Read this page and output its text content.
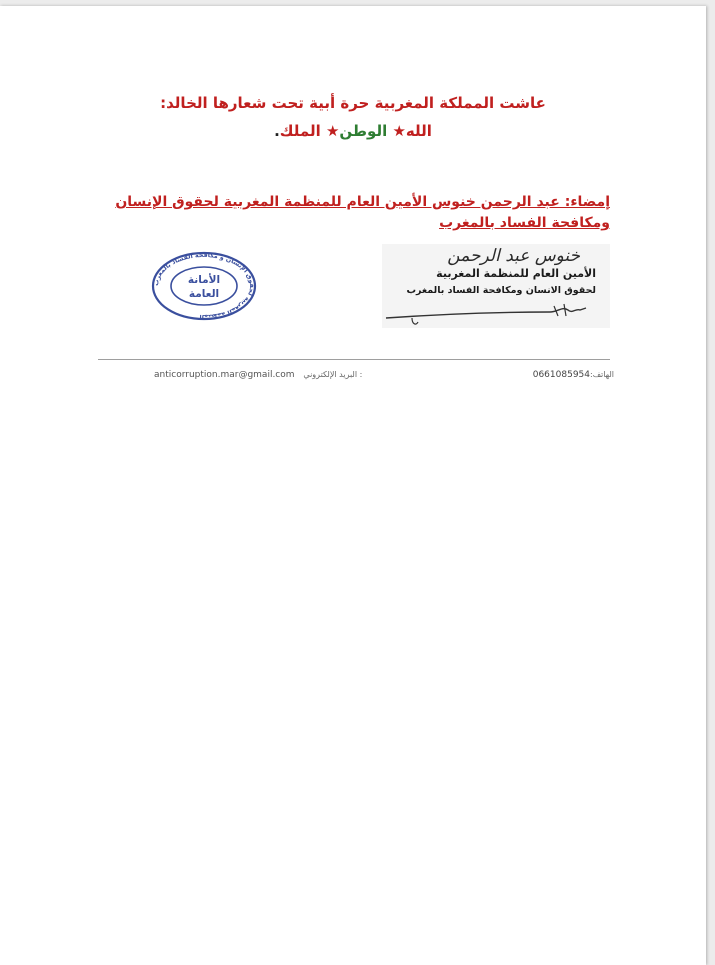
عاشت المملكة المغربية حرة أبية تحت شعارها الخالد:
الله★ الوطن★ الملك.
إمضاء: عبد الرحمن خنوس الأمين العام للمنظمة المغربية لحقوق الإنسان ومكافحة الفساد بالمغرب
المنظمة المغربية لحقوق الإنسان و مكافحة الفساد بالمغرب
الأمانة
العامة
خنوس عبد الرحمن
الأمين العام للمنظمة المغربية
لحقوق الانسان ومكافحة الفساد بالمغرب
الهاتف:0661085954
anticorruption.mar@gmail.com البريد الإلكتروني :
